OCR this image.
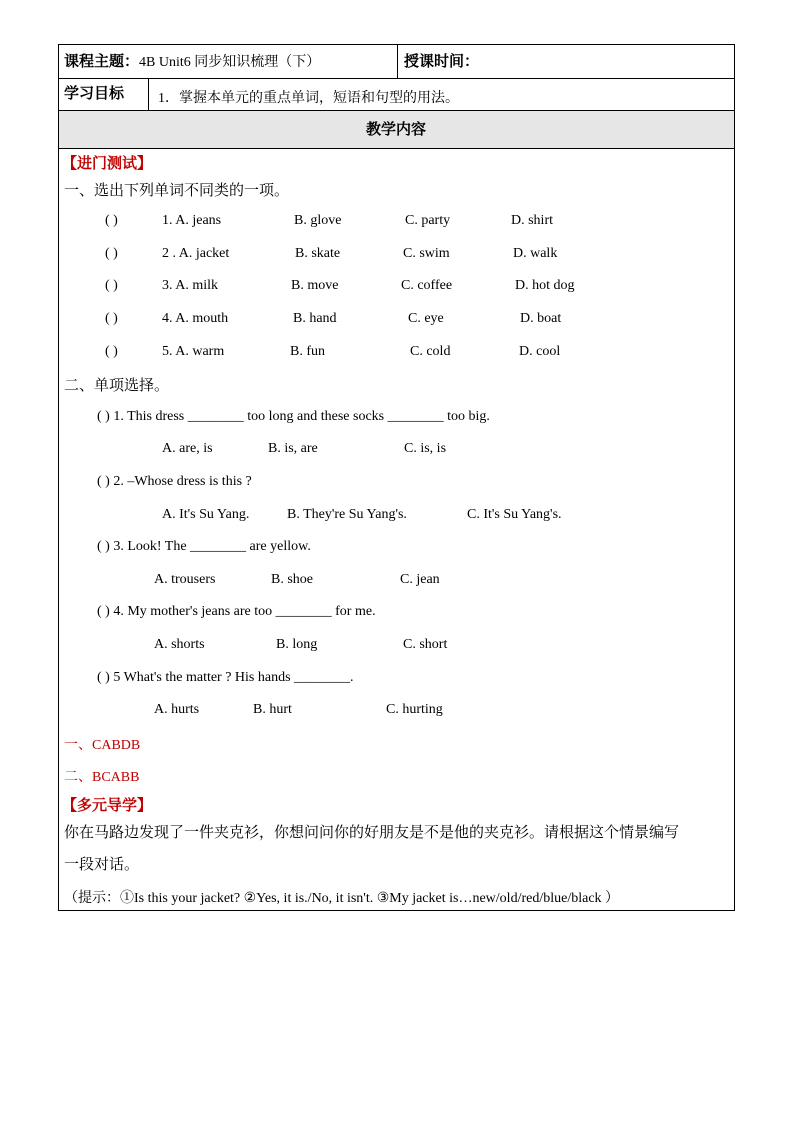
课程主题：4B Unit6 同步知识梳理（下）	授课时间：
学习目标 1．掌握本单元的重点单词，短语和句型的用法。
教学内容
【进门测试】
一、选出下列单词不同类的一项。
( )	1. A. jeans	B. glove	C. party	D. shirt
( )	2 . A. jacket	B. skate	C. swim	D. walk
( )	3. A. milk	B. move	C. coffee	D. hot dog
( )	4. A. mouth	B. hand	C. eye	D. boat
( )	5. A. warm	B. fun	C. cold	D. cool
二、单项选择。
( ) 1. This dress ________ too long and these socks ________ too big.
A. are, is	B. is, are	C. is, is
( ) 2. –Whose dress is this ?
A. It's Su Yang.	B. They're Su Yang's.	C. It's Su Yang's.
( ) 3. Look! The ________ are yellow.
A. trousers	B. shoe	C. jean
( ) 4. My mother's jeans are too ________ for me.
A. shorts	B. long	C. short
( ) 5 What's the matter ? His hands ________.
A. hurts	B. hurt	C. hurting
一、CABDB
二、BCABB
【多元导学】
你在马路边发现了一件夹克衫，你想问问你的好朋友是不是他的夹克衫。请根据这个情景编写
一段对话。
（提示：①Is this your jacket? ②Yes, it is./No, it isn't. ③My jacket is…new/old/red/blue/black ）
